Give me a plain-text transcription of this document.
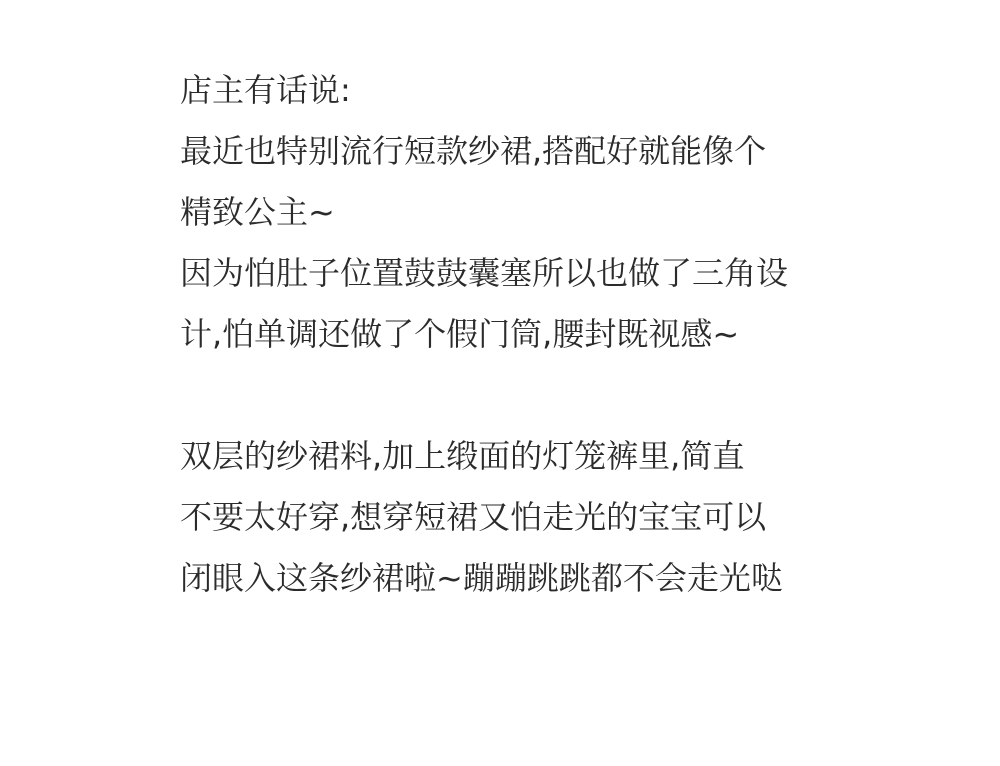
店主有话说:
最近也特别流行短款纱裙,搭配好就能像个
精致公主~
因为怕肚子位置鼓鼓囊塞所以也做了三角设
计,怕单调还做了个假门筒,腰封既视感~
双层的纱裙料,加上缎面的灯笼裤里,简直
不要太好穿,想穿短裙又怕走光的宝宝可以
闭眼入这条纱裙啦~蹦蹦跳跳都不会走光哒
